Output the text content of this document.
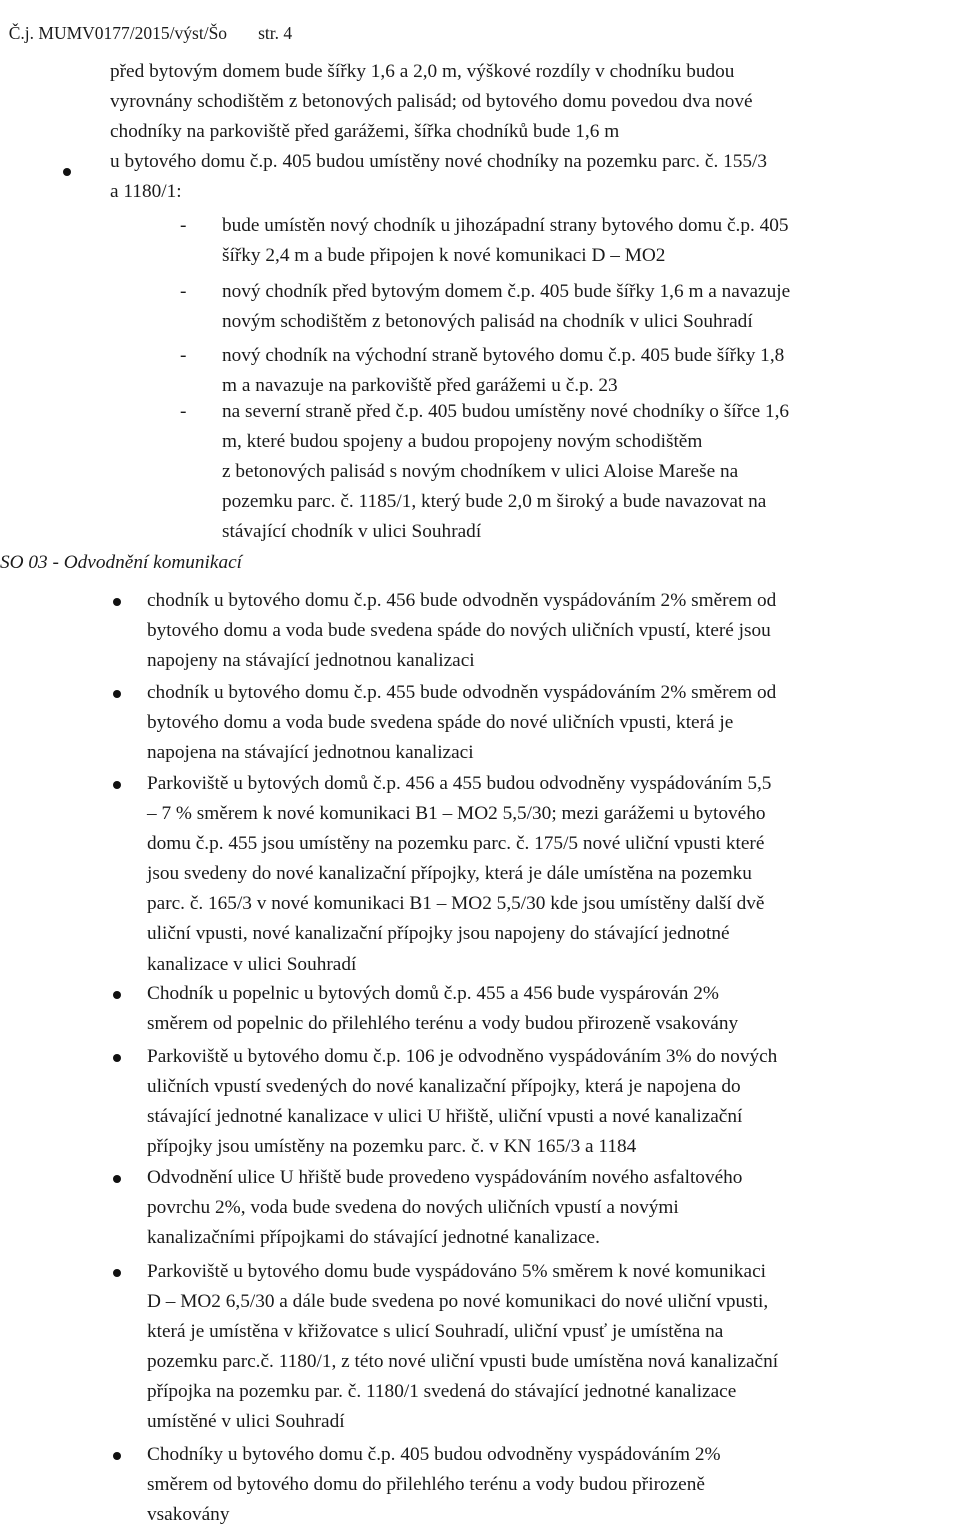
Č.j. MUMV0177/2015/výst/Šo str. 4

před bytovým domem bude šířky 1,6 a 2,0 m, výškové rozdíly v chodníku budou
vyrovnány schodištěm z betonových palisád; od bytového domu povedou dva nové
chodníky na parkoviště před garážemi, šířka chodníků bude 1,6 m
u bytového domu č.p. 405 budou umístěny nové chodníky na pozemku parc. č. 155/3
a 1180/1:
- bude umístěn nový chodník u jihozápadní strany bytového domu č.p. 405
šířky 2,4 m a bude připojen k nové komunikaci D – MO2
- nový chodník před bytovým domem č.p. 405 bude šířky 1,6 m a navazuje
novým schodištěm z betonových palisád na chodník v ulici Souhradí
- nový chodník na východní straně bytového domu č.p. 405 bude šířky 1,8
m a navazuje na parkoviště před garážemi u č.p. 23
- na severní straně před č.p. 405 budou umístěny nové chodníky o šířce 1,6
m, které budou spojeny a budou propojeny novým schodištěm
z betonových palisád s novým chodníkem v ulici Aloise Mareše na
pozemku parc. č. 1185/1, který bude 2,0 m široký a bude navazovat na
stávající chodník v ulici Souhradí
SO 03 - Odvodnění komunikací
chodník u bytového domu č.p. 456 bude odvodněn vyspádováním 2% směrem od
bytového domu a voda bude svedena spáde do nových uličních vpustí, které jsou
napojeny na stávající jednotnou kanalizaci
chodník u bytového domu č.p. 455 bude odvodněn vyspádováním 2% směrem od
bytového domu a voda bude svedena spáde do nové uličních vpusti, která je
napojena na stávající jednotnou kanalizaci
Parkoviště u bytových domů č.p. 456 a 455 budou odvodněny vyspádováním 5,5
– 7 % směrem k nové komunikaci B1 – MO2 5,5/30; mezi garážemi u bytového
domu č.p. 455 jsou umístěny na pozemku parc. č. 175/5 nové uliční vpusti které
jsou svedeny do nové kanalizační přípojky, která je dále umístěna na pozemku
parc. č. 165/3 v nové komunikaci B1 – MO2 5,5/30 kde jsou umístěny další dvě
uliční vpusti, nové kanalizační přípojky jsou napojeny do stávající jednotné
kanalizace v ulici Souhradí
Chodník u popelnic u bytových domů č.p. 455 a 456 bude vyspárován 2%
směrem od popelnic do přilehlého terénu a vody budou přirozeně vsakovány
Parkoviště u bytového domu č.p. 106 je odvodněno vyspádováním 3% do nových
uličních vpustí svedených do nové kanalizační přípojky, která je napojena do
stávající jednotné kanalizace v ulici U hřiště, uliční vpusti a nové kanalizační
přípojky jsou umístěny na pozemku parc. č. v KN 165/3 a 1184
Odvodnění ulice U hřiště bude provedeno vyspádováním nového asfaltového
povrchu 2%, voda bude svedena do nových uličních vpustí a novými
kanalizačními přípojkami do stávající jednotné kanalizace.
Parkoviště u bytového domu bude vyspádováno 5% směrem k nové komunikaci
D – MO2 6,5/30 a dále bude svedena po nové komunikaci do nové uliční vpusti,
která je umístěna v křižovatce s ulicí Souhradí, uliční vpusť je umístěna na
pozemku parc.č. 1180/1, z této nové uliční vpusti bude umístěna nová kanalizační
přípojka na pozemku par. č. 1180/1 svedená do stávající jednotné kanalizace
umístěné v ulici Souhradí
Chodníky u bytového domu č.p. 405 budou odvodněny vyspádováním 2%
směrem od bytového domu do přilehlého terénu a vody budou přirozeně
vsakovány
